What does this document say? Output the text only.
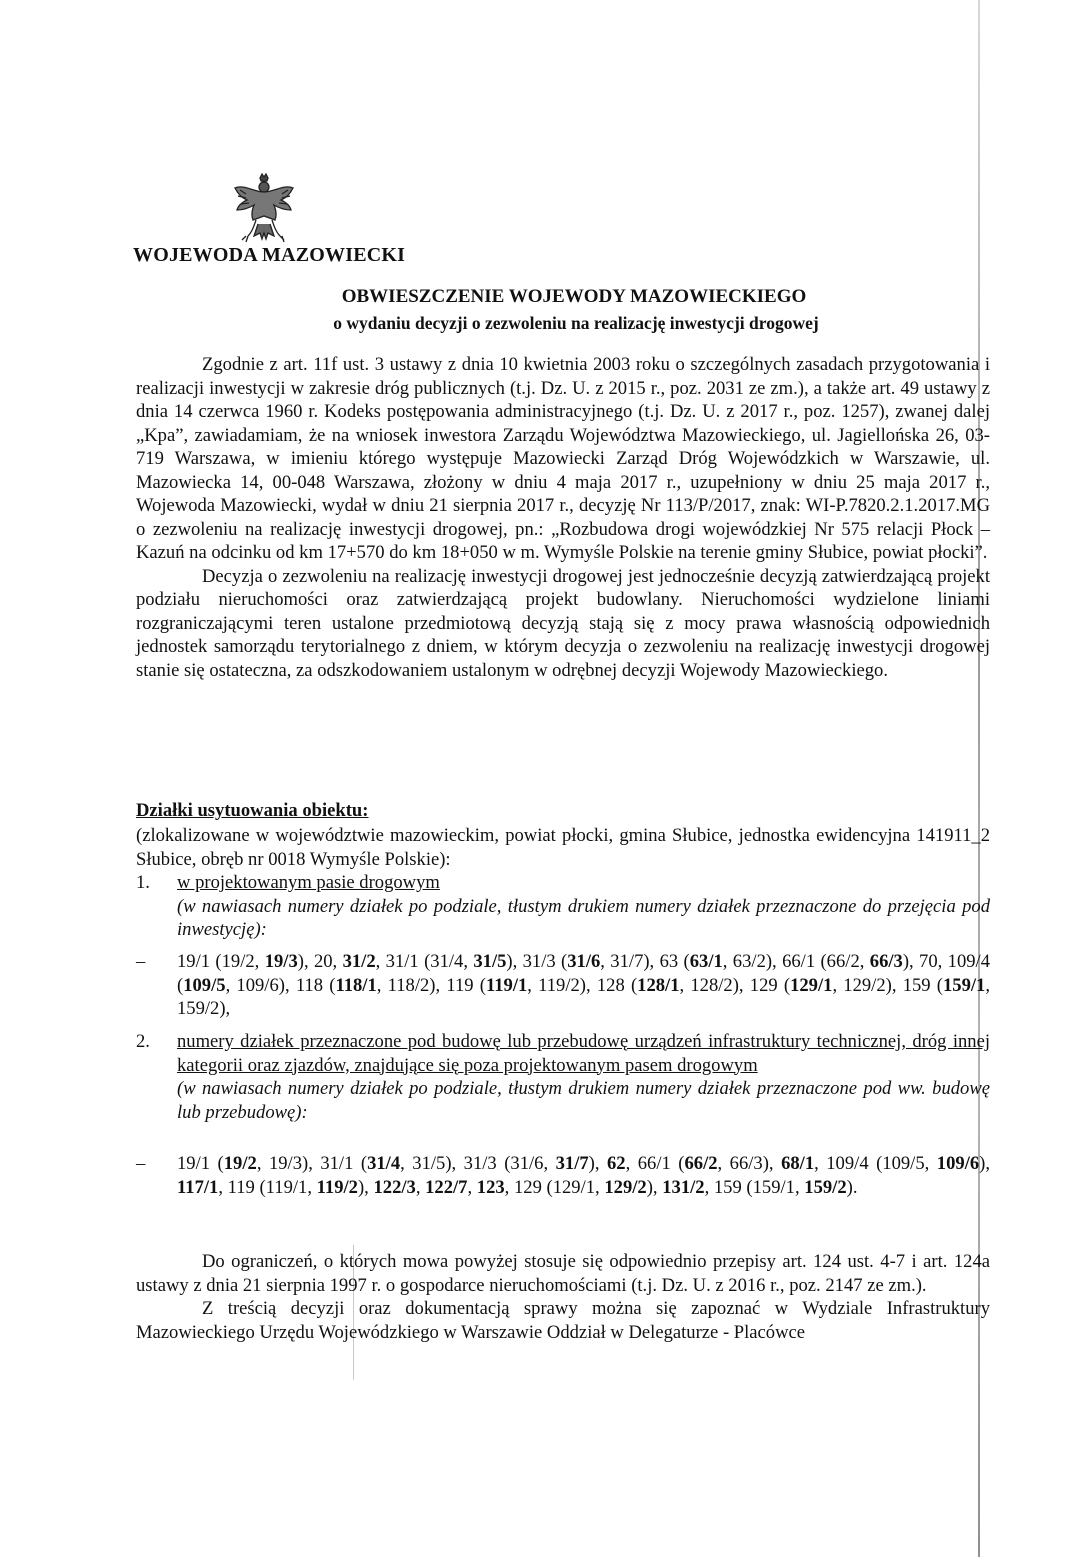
WOJEWODA MAZOWIECKI
OBWIESZCZENIE WOJEWODY MAZOWIECKIEGO
o wydaniu decyzji o zezwoleniu na realizację inwestycji drogowej

Zgodnie z art. 11f ust. 3 ustawy z dnia 10 kwietnia 2003 roku o szczególnych zasadach przygotowania i realizacji inwestycji w zakresie dróg publicznych (t.j. Dz. U. z 2015 r., poz. 2031 ze zm.), a także art. 49 ustawy z dnia 14 czerwca 1960 r. Kodeks postępowania administracyjnego (t.j. Dz. U. z 2017 r., poz. 1257), zwanej dalej „Kpa”, zawiadamiam, że na wniosek inwestora Zarządu Województwa Mazowieckiego, ul. Jagiellońska 26, 03-719 Warszawa, w imieniu którego występuje Mazowiecki Zarząd Dróg Wojewódzkich w Warszawie, ul. Mazowiecka 14, 00-048 Warszawa, złożony w dniu 4 maja 2017 r., uzupełniony w dniu 25 maja 2017 r., Wojewoda Mazowiecki, wydał w dniu 21 sierpnia 2017 r., decyzję Nr 113/P/2017, znak: WI-P.7820.2.1.2017.MG o zezwoleniu na realizację inwestycji drogowej, pn.: „Rozbudowa drogi wojewódzkiej Nr 575 relacji Płock – Kazuń na odcinku od km 17+570 do km 18+050 w m. Wymyśle Polskie na terenie gminy Słubice, powiat płocki”.

Decyzja o zezwoleniu na realizację inwestycji drogowej jest jednocześnie decyzją zatwierdzającą projekt podziału nieruchomości oraz zatwierdzającą projekt budowlany. Nieruchomości wydzielone liniami rozgraniczającymi teren ustalone przedmiotową decyzją stają się z mocy prawa własnością odpowiednich jednostek samorządu terytorialnego z dniem, w którym decyzja o zezwoleniu na realizację inwestycji drogowej stanie się ostateczna, za odszkodowaniem ustalonym w odrębnej decyzji Wojewody Mazowieckiego.

Działki usytuowania obiektu:
(zlokalizowane w województwie mazowieckim, powiat płocki, gmina Słubice, jednostka ewidencyjna 141911_2 Słubice, obręb nr 0018 Wymyśle Polskie):
1.	w projektowanym pasie drogowym
(w nawiasach numery działek po podziale, tłustym drukiem numery działek przeznaczone do przejęcia pod inwestycję):
–	19/1 (19/2, 19/3), 20, 31/2, 31/1 (31/4, 31/5), 31/3 (31/6, 31/7), 63 (63/1, 63/2), 66/1 (66/2, 66/3), 70, 109/4 (109/5, 109/6), 118 (118/1, 118/2), 119 (119/1, 119/2), 128 (128/1, 128/2), 129 (129/1, 129/2), 159 (159/1, 159/2),
2.	numery działek przeznaczone pod budowę lub przebudowę urządzeń infrastruktury technicznej, dróg innej kategorii oraz zjazdów, znajdujące się poza projektowanym pasem drogowym
(w nawiasach numery działek po podziale, tłustym drukiem numery działek przeznaczone pod ww. budowę lub przebudowę):
–	19/1 (19/2, 19/3), 31/1 (31/4, 31/5), 31/3 (31/6, 31/7), 62, 66/1 (66/2, 66/3), 68/1, 109/4 (109/5, 109/6), 117/1, 119 (119/1, 119/2), 122/3, 122/7, 123, 129 (129/1, 129/2), 131/2, 159 (159/1, 159/2).

Do ograniczeń, o których mowa powyżej stosuje się odpowiednio przepisy art. 124 ust. 4-7 i art. 124a ustawy z dnia 21 sierpnia 1997 r. o gospodarce nieruchomościami (t.j. Dz. U. z 2016 r., poz. 2147 ze zm.).

Z treścią decyzji oraz dokumentacją sprawy można się zapoznać w Wydziale Infrastruktury Mazowieckiego Urzędu Wojewódzkiego w Warszawie Oddział w Delegaturze - Placówce
